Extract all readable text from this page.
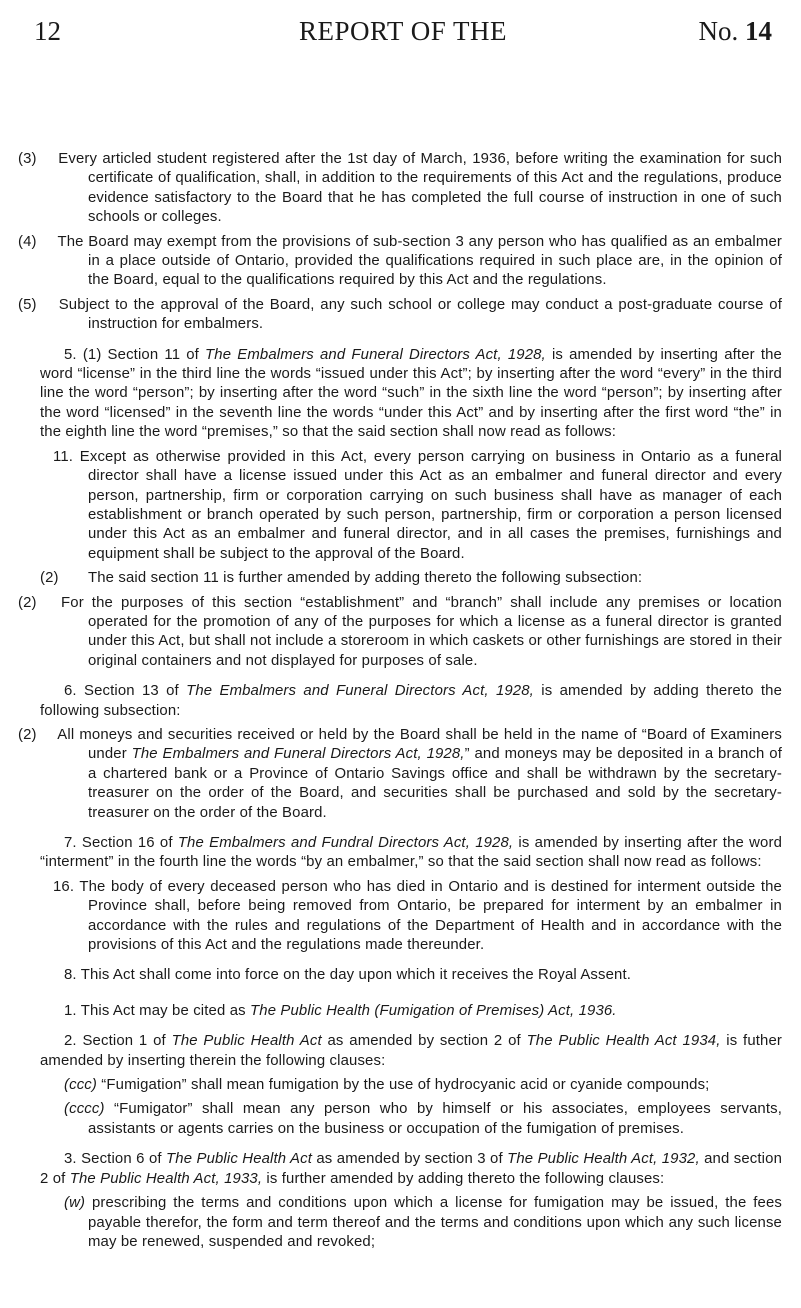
12	REPORT OF THE	No. 14

(3) Every articled student registered after the 1st day of March, 1936, before writing the examination for such certificate of qualification, shall, in addition to the requirements of this Act and the regulations, produce evidence satisfactory to the Board that he has completed the full course of instruction in one of such schools or colleges.

(4) The Board may exempt from the provisions of sub-section 3 any person who has qualified as an embalmer in a place outside of Ontario, provided the qualifications required in such place are, in the opinion of the Board, equal to the qualifications required by this Act and the regulations.

(5) Subject to the approval of the Board, any such school or college may conduct a post-graduate course of instruction for embalmers.

5. (1) Section 11 of The Embalmers and Funeral Directors Act, 1928, is amended by inserting after the word “license” in the third line the words “issued under this Act”; by inserting after the word “every” in the third line the word “person”; by inserting after the word “such” in the sixth line the word “person”; by inserting after the word “licensed” in the seventh line the words “under this Act” and by inserting after the first word “the” in the eighth line the word “premises,” so that the said section shall now read as follows:

11. Except as otherwise provided in this Act, every person carrying on business in Ontario as a funeral director shall have a license issued under this Act as an embalmer and funeral director and every person, partnership, firm or corporation carrying on such business shall have as manager of each establishment or branch operated by such person, partnership, firm or corporation a person licensed under this Act as an embalmer and funeral director, and in all cases the premises, furnishings and equipment shall be subject to the approval of the Board.

(2) The said section 11 is further amended by adding thereto the following subsection:

(2) For the purposes of this section “establishment” and “branch” shall include any premises or location operated for the promotion of any of the purposes for which a license as a funeral director is granted under this Act, but shall not include a storeroom in which caskets or other furnishings are stored in their original containers and not displayed for purposes of sale.

6. Section 13 of The Embalmers and Funeral Directors Act, 1928, is amended by adding thereto the following subsection:

(2) All moneys and securities received or held by the Board shall be held in the name of “Board of Examiners under The Embalmers and Funeral Directors Act, 1928,” and moneys may be deposited in a branch of a chartered bank or a Province of Ontario Savings office and shall be withdrawn by the secretary-treasurer on the order of the Board, and securities shall be purchased and sold by the secretary-treasurer on the order of the Board.

7. Section 16 of The Embalmers and Fundral Directors Act, 1928, is amended by inserting after the word “interment” in the fourth line the words “by an embalmer,” so that the said section shall now read as follows:

16. The body of every deceased person who has died in Ontario and is destined for interment outside the Province shall, before being removed from Ontario, be prepared for interment by an embalmer in accordance with the rules and regulations of the Department of Health and in accordance with the provisions of this Act and the regulations made thereunder.

8. This Act shall come into force on the day upon which it receives the Royal Assent.

1. This Act may be cited as The Public Health (Fumigation of Premises) Act, 1936.

2. Section 1 of The Public Health Act as amended by section 2 of The Public Health Act 1934, is futher amended by inserting therein the following clauses:

(ccc) “Fumigation” shall mean fumigation by the use of hydrocyanic acid or cyanide compounds;

(cccc) “Fumigator” shall mean any person who by himself or his associates, employees servants, assistants or agents carries on the business or occupation of the fumigation of premises.

3. Section 6 of The Public Health Act as amended by section 3 of The Public Health Act, 1932, and section 2 of The Public Health Act, 1933, is further amended by adding thereto the following clauses:

(w) prescribing the terms and conditions upon which a license for fumigation may be issued, the fees payable therefor, the form and term thereof and the terms and conditions upon which any such license may be renewed, suspended and revoked;
